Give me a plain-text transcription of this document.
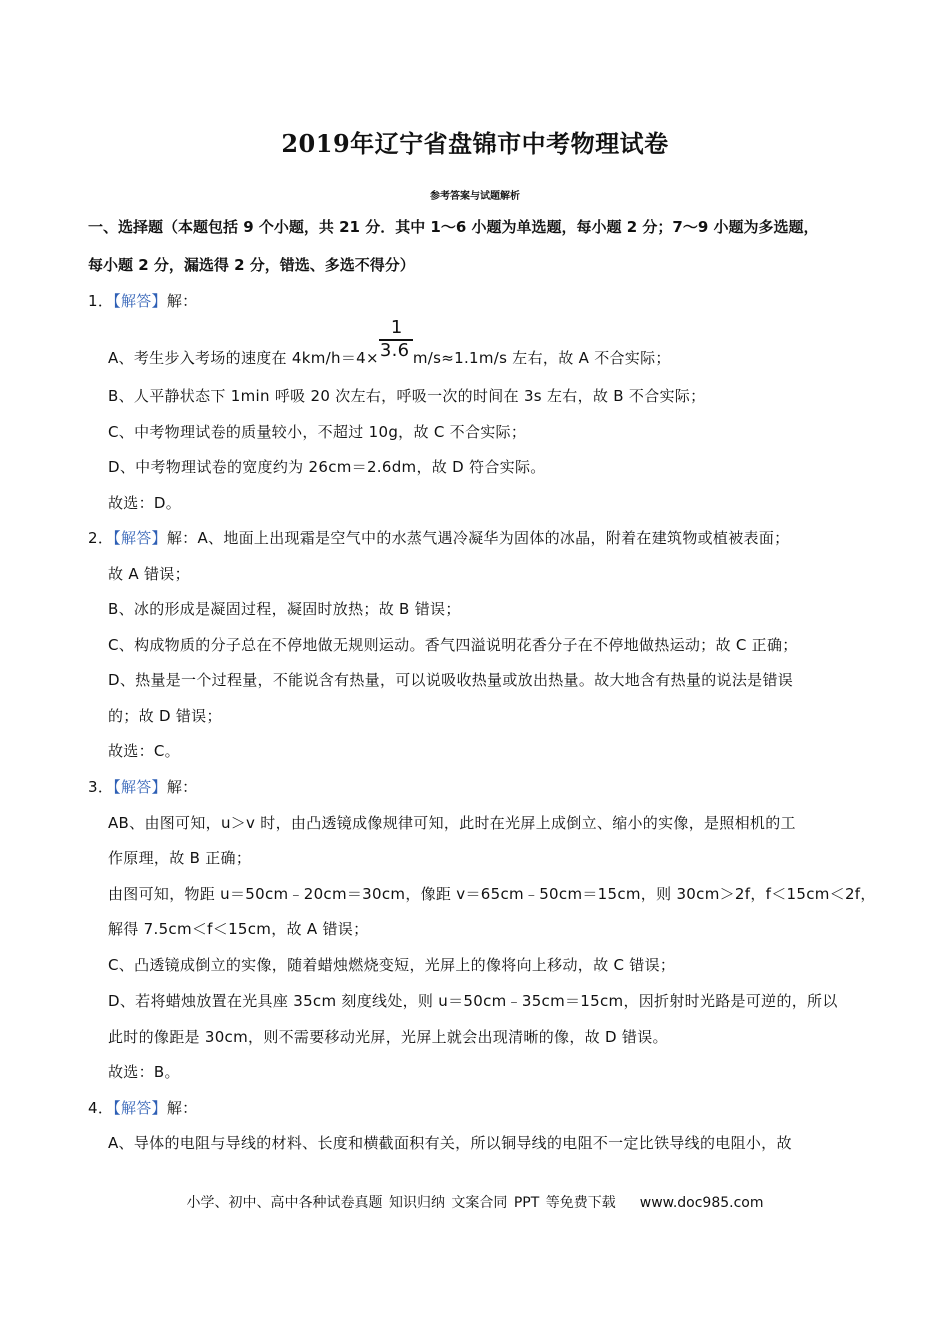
2019年辽宁省盘锦市中考物理试卷
参考答案与试题解析
一、选择题（本题包括 9 个小题，共 21 分．其中 1～6 小题为单选题，每小题 2 分；7～9 小题为多选题，
每小题 2 分，漏选得 2 分，错选、多选不得分）
1．【解答】解：
A、考生步入考场的速度在 $4km/h=4\times \frac{1}{3.6} m/s\approx 1.1m/s$ 左右，故 A 不合实际；
B、人平静状态下 1min 呼吸 20 次左右，呼吸一次的时间在 3s 左右，故 B 不合实际；
C、中考物理试卷的质量较小，不超过 10g，故 C 不合实际；
D、中考物理试卷的宽度约为 26cm＝2.6dm，故 D 符合实际。
故选：D。
2．【解答】解：A、地面上出现霜是空气中的水蒸气遇冷凝华为固体的冰晶，附着在建筑物或植被表面；
故 A 错误；
B、冰的形成是凝固过程，凝固时放热；故 B 错误；
C、构成物质的分子总在不停地做无规则运动。香气四溢说明花香分子在不停地做热运动；故 C 正确；
D、热量是一个过程量，不能说含有热量，可以说吸收热量或放出热量。故大地含有热量的说法是错误
的；故 D 错误；
故选：C。
3．【解答】解：
AB、由图可知，u＞v 时，由凸透镜成像规律可知，此时在光屏上成倒立、缩小的实像，是照相机的工
作原理，故 B 正确；
由图可知，物距 u＝50cm﹣20cm＝30cm，像距 v＝65cm﹣50cm＝15cm，则 30cm＞2f，f＜15cm＜2f，
解得 7.5cm＜f＜15cm，故 A 错误；
C、凸透镜成倒立的实像，随着蜡烛燃烧变短，光屏上的像将向上移动，故 C 错误；
D、若将蜡烛放置在光具座 35cm 刻度线处，则 u＝50cm﹣35cm＝15cm，因折射时光路是可逆的，所以
此时的像距是 30cm，则不需要移动光屏，光屏上就会出现清晰的像，故 D 错误。
故选：B。
4．【解答】解：
A、导体的电阻与导线的材料、长度和横截面积有关，所以铜导线的电阻不一定比铁导线的电阻小，故
小学、初中、高中各种试卷真题 知识归纳 文案合同 PPT 等免费下载 www.doc985.com
